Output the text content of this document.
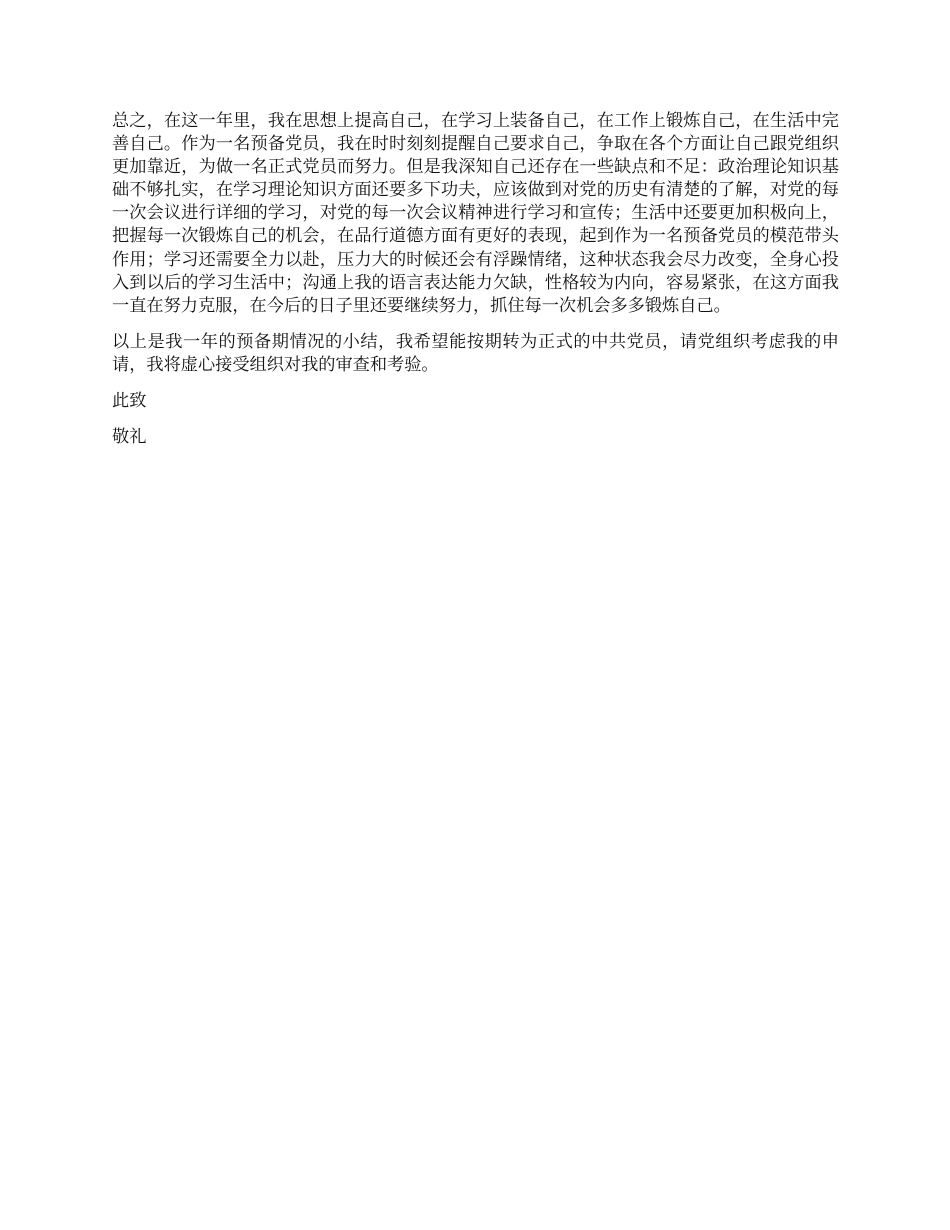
总之，在这一年里，我在思想上提高自己，在学习上装备自己，在工作上锻炼自己，在生活中完善自己。作为一名预备党员，我在时时刻刻提醒自己要求自己，争取在各个方面让自己跟党组织更加靠近，为做一名正式党员而努力。但是我深知自己还存在一些缺点和不足：政治理论知识基础不够扎实，在学习理论知识方面还要多下功夫，应该做到对党的历史有清楚的了解，对党的每一次会议进行详细的学习，对党的每一次会议精神进行学习和宣传；生活中还要更加积极向上，把握每一次锻炼自己的机会，在品行道德方面有更好的表现，起到作为一名预备党员的模范带头作用；学习还需要全力以赴，压力大的时候还会有浮躁情绪，这种状态我会尽力改变，全身心投入到以后的学习生活中；沟通上我的语言表达能力欠缺，性格较为内向，容易紧张，在这方面我一直在努力克服，在今后的日子里还要继续努力，抓住每一次机会多多锻炼自己。

以上是我一年的预备期情况的小结，我希望能按期转为正式的中共党员，请党组织考虑我的申请，我将虚心接受组织对我的审查和考验。

此致

敬礼
